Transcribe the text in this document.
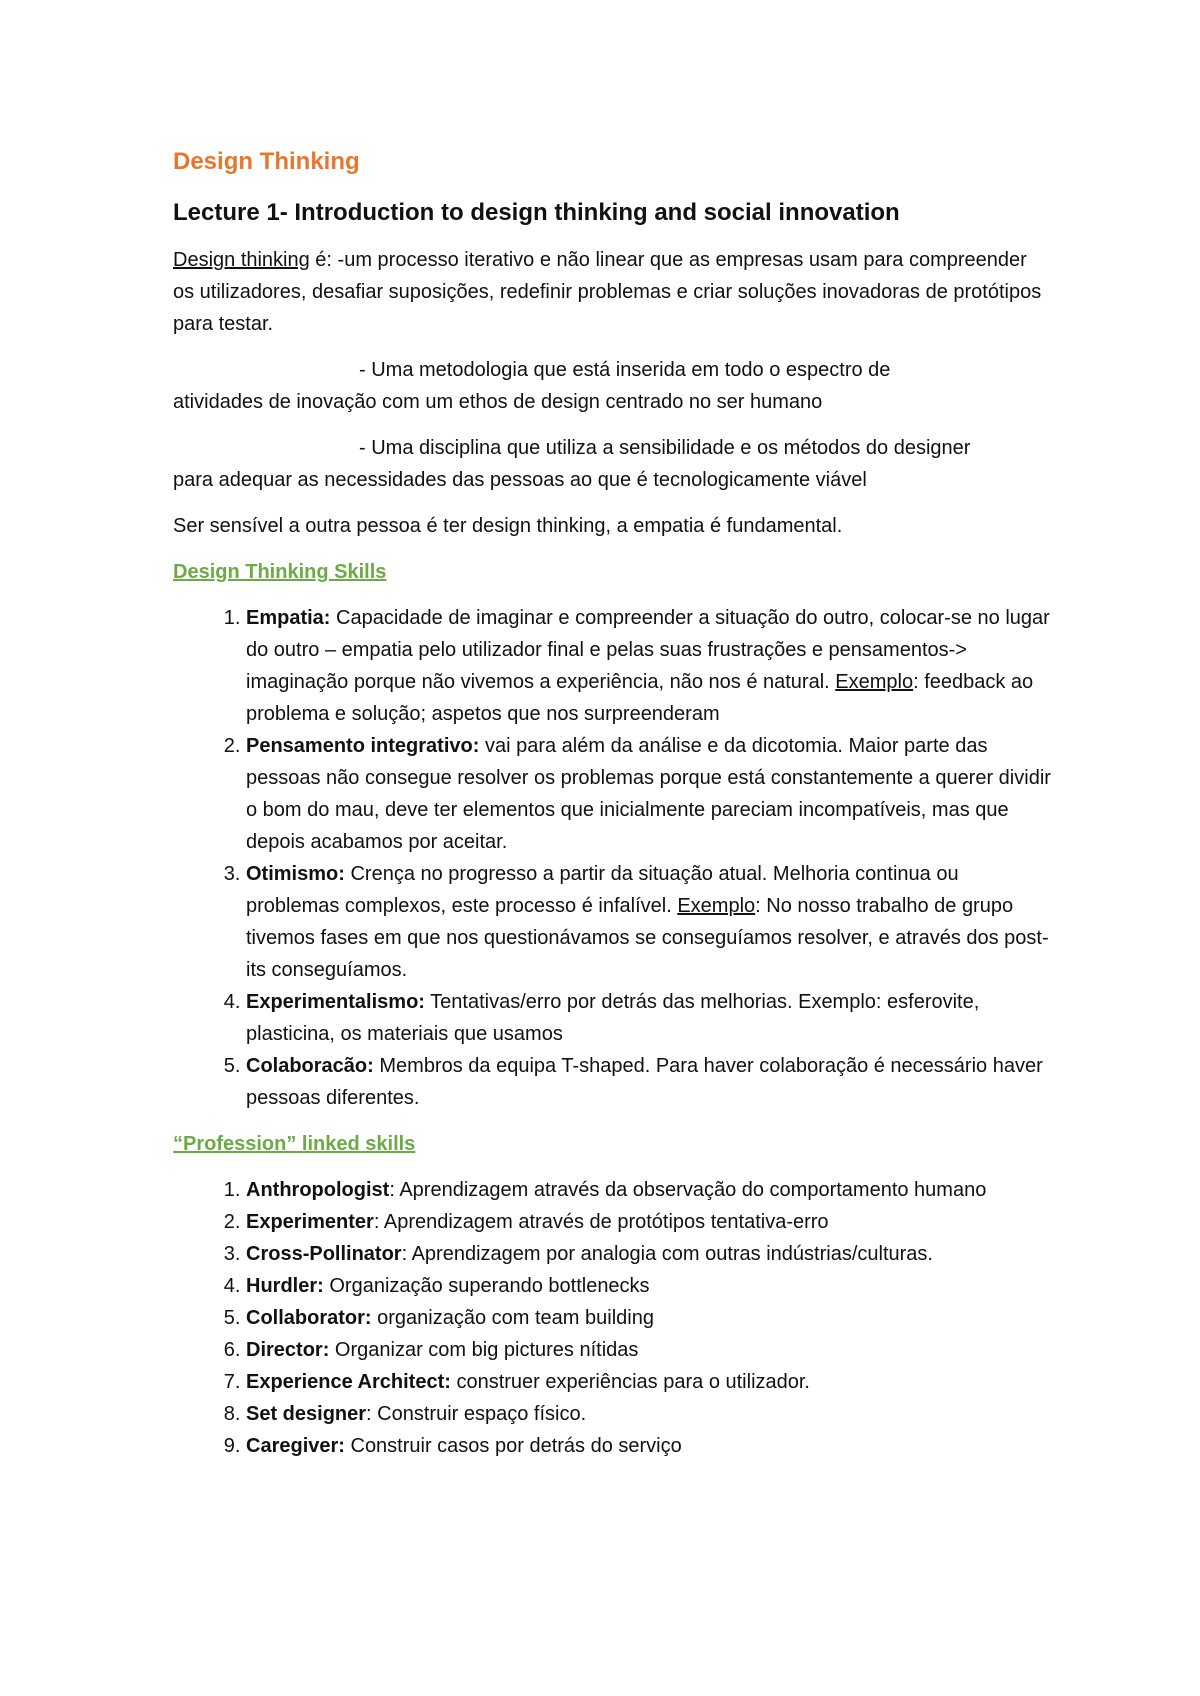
Design Thinking
Lecture 1- Introduction to design thinking and social innovation

Design thinking é: -um processo iterativo e não linear que as empresas usam para compreender os utilizadores, desafiar suposições, redefinir problemas e criar soluções inovadoras de protótipos para testar.

- Uma metodologia que está inserida em todo o espectro de
atividades de inovação com um ethos de design centrado no ser humano

- Uma disciplina que utiliza a sensibilidade e os métodos do designer
para adequar as necessidades das pessoas ao que é tecnologicamente viável

Ser sensível a outra pessoa é ter design thinking, a empatia é fundamental.

Design Thinking Skills
1. Empatia: Capacidade de imaginar e compreender a situação do outro, colocar-se no lugar do outro – empatia pelo utilizador final e pelas suas frustrações e pensamentos-> imaginação porque não vivemos a experiência, não nos é natural. Exemplo: feedback ao problema e solução; aspetos que nos surpreenderam
2. Pensamento integrativo: vai para além da análise e da dicotomia. Maior parte das pessoas não consegue resolver os problemas porque está constantemente a querer dividir o bom do mau, deve ter elementos que inicialmente pareciam incompatíveis, mas que depois acabamos por aceitar.
3. Otimismo: Crença no progresso a partir da situação atual. Melhoria continua ou problemas complexos, este processo é infalível. Exemplo: No nosso trabalho de grupo tivemos fases em que nos questionávamos se conseguíamos resolver, e através dos post-its conseguíamos.
4. Experimentalismo: Tentativas/erro por detrás das melhorias. Exemplo: esferovite, plasticina, os materiais que usamos
5. Colaboracão: Membros da equipa T-shaped. Para haver colaboração é necessário haver pessoas diferentes.
“Profession” linked skills
1. Anthropologist: Aprendizagem através da observação do comportamento humano
2. Experimenter: Aprendizagem através de protótipos tentativa-erro
3. Cross-Pollinator: Aprendizagem por analogia com outras indústrias/culturas.
4. Hurdler: Organização superando bottlenecks
5. Collaborator: organização com team building
6. Director: Organizar com big pictures nítidas
7. Experience Architect: construer experiências para o utilizador.
8. Set designer: Construir espaço físico.
9. Caregiver: Construir casos por detrás do serviço
